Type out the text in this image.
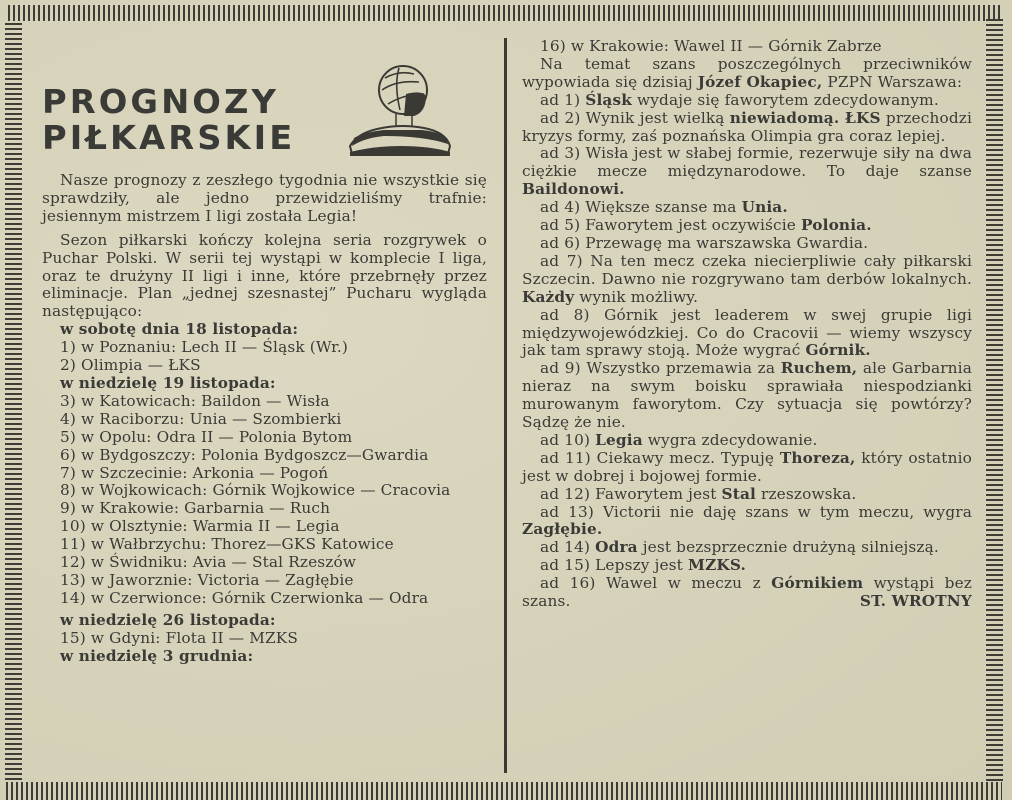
PROGNOZY
PIŁKARSKIE

Nasze prognozy z zeszłego tygodnia nie wszystkie się sprawdziły, ale jedno przewidzieliśmy trafnie: jesiennym mistrzem I ligi została Legia!

Sezon piłkarski kończy kolejna seria rozgrywek o Puchar Polski. W serii tej wystąpi w komplecie I liga, oraz te drużyny II ligi i inne, które przebrnęły przez eliminacje. Plan „jednej szesnastej” Pucharu wygląda następująco:

w sobotę dnia 18 listopada:

1) w Poznaniu: Lech II — Śląsk (Wr.)

2) Olimpia — ŁKS

w niedzielę 19 listopada:

3) w Katowicach: Baildon — Wisła

4) w Raciborzu: Unia — Szombierki

5) w Opolu: Odra II — Polonia Bytom

6) w Bydgoszczy: Polonia Bydgoszcz—Gwardia

7) w Szczecinie: Arkonia — Pogoń

8) w Wojkowicach: Górnik Wojkowice — Cracovia

9) w Krakowie: Garbarnia — Ruch

10) w Olsztynie: Warmia II — Legia

11) w Wałbrzychu: Thorez—GKS Katowice

12) w Świdniku: Avia — Stal Rzeszów

13) w Jaworznie: Victoria — Zagłębie

14) w Czerwionce: Górnik Czerwionka — Odra

w niedzielę 26 listopada:

15) w Gdyni: Flota II — MZKS

w niedzielę 3 grudnia:

16) w Krakowie: Wawel II — Górnik Zabrze

Na temat szans poszczególnych przeciwników wypowiada się dzisiaj Józef Okapiec, PZPN Warszawa:

ad 1) Śląsk wydaje się faworytem zdecydowanym.

ad 2) Wynik jest wielką niewiadomą. ŁKS przechodzi kryzys formy, zaś poznańska Olimpia gra coraz lepiej.

ad 3) Wisła jest w słabej formie, rezerwuje siły na dwa ciężkie mecze międzynarodowe. To daje szanse Baildonowi.

ad 4) Większe szanse ma Unia.

ad 5) Faworytem jest oczywiście Polonia.

ad 6) Przewagę ma warszawska Gwardia.

ad 7) Na ten mecz czeka niecierpliwie cały piłkarski Szczecin. Dawno nie rozgrywano tam derbów lokalnych. Każdy wynik możliwy.

ad 8) Górnik jest leaderem w swej grupie ligi międzywojewódzkiej. Co do Cracovii — wiemy wszyscy jak tam sprawy stoją. Może wygrać Górnik.

ad 9) Wszystko przemawia za Ruchem, ale Garbarnia nieraz na swym boisku sprawiała niespodzianki murowanym faworytom. Czy sytuacja się powtórzy? Sądzę że nie.

ad 10) Legia wygra zdecydowanie.

ad 11) Ciekawy mecz. Typuję Thoreza, który ostatnio jest w dobrej i bojowej formie.

ad 12) Faworytem jest Stal rzeszowska.

ad 13) Victorii nie daję szans w tym meczu, wygra Zagłębie.

ad 14) Odra jest bezsprzecznie drużyną silniejszą.

ad 15) Lepszy jest MZKS.

ad 16) Wawel w meczu z Górnikiem wystąpi bez szans.	ST. WROTNY
